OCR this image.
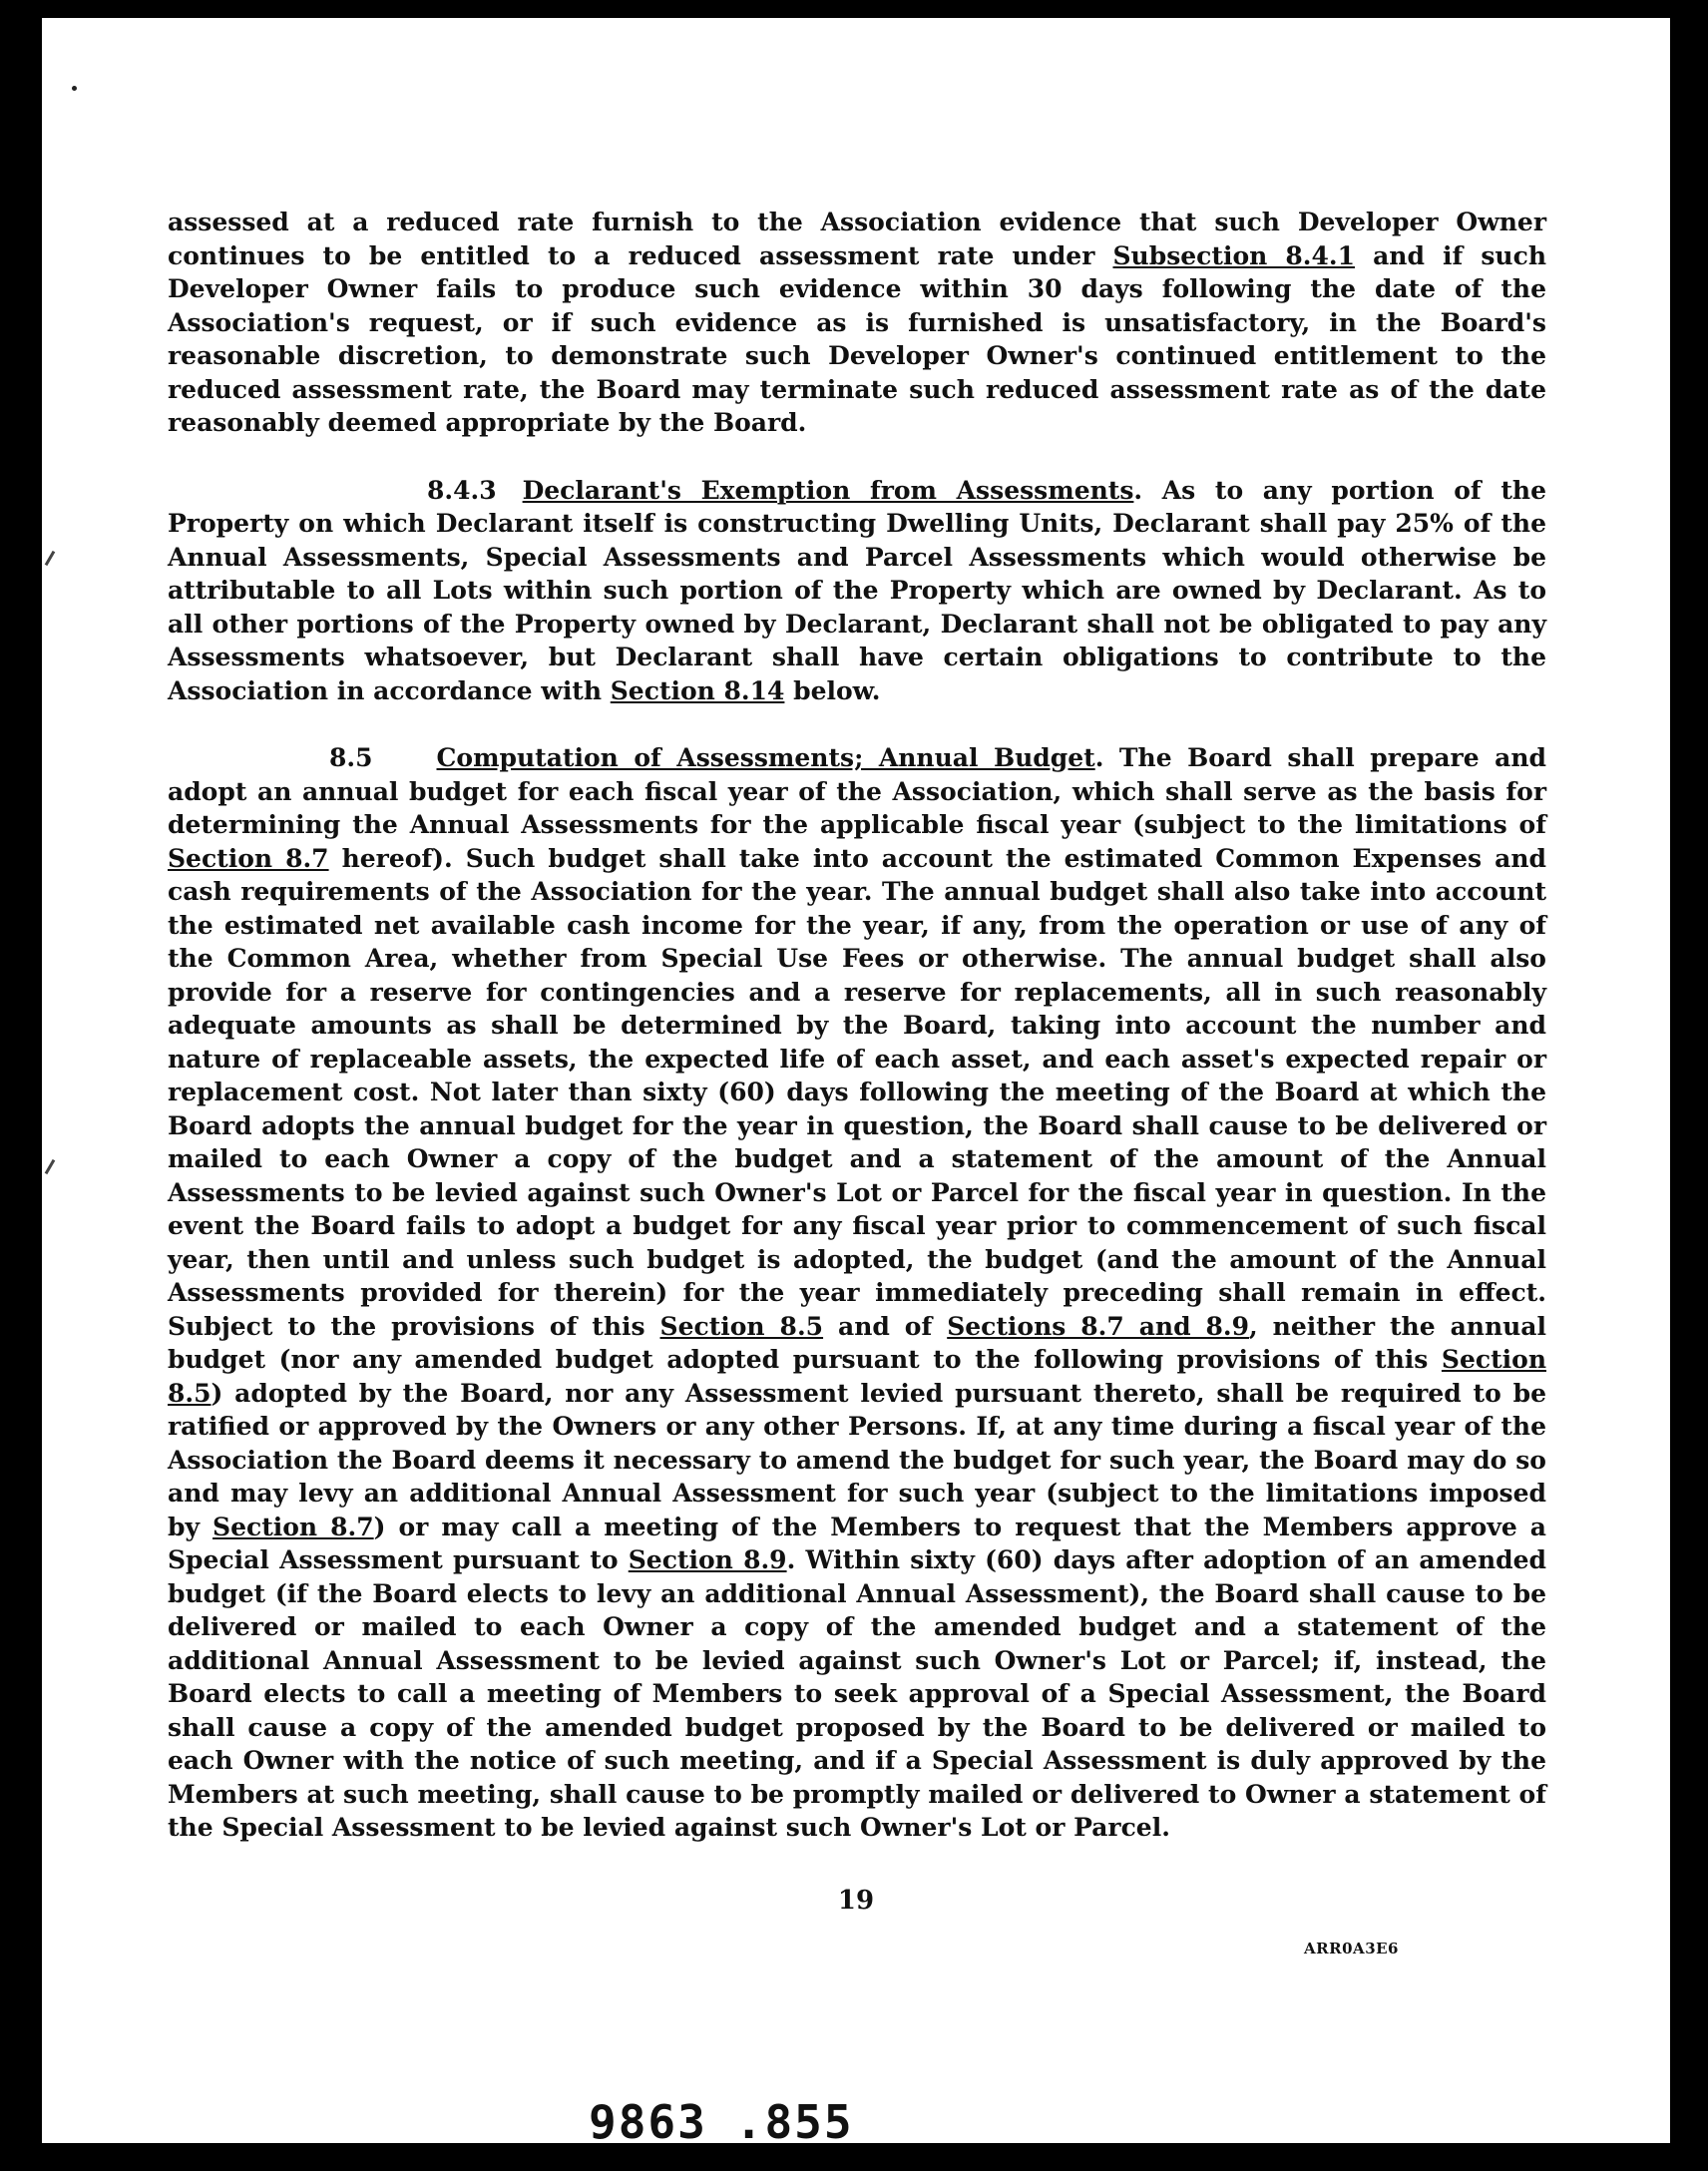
assessed at a reduced rate furnish to the Association evidence that such Developer Owner continues to be entitled to a reduced assessment rate under Subsection 8.4.1 and if such Developer Owner fails to produce such evidence within 30 days following the date of the Association's request, or if such evidence as is furnished is unsatisfactory, in the Board's reasonable discretion, to demonstrate such Developer Owner's continued entitlement to the reduced assessment rate, the Board may terminate such reduced assessment rate as of the date reasonably deemed appropriate by the Board.

8.4.3 Declarant's Exemption from Assessments. As to any portion of the Property on which Declarant itself is constructing Dwelling Units, Declarant shall pay 25% of the Annual Assessments, Special Assessments and Parcel Assessments which would otherwise be attributable to all Lots within such portion of the Property which are owned by Declarant. As to all other portions of the Property owned by Declarant, Declarant shall not be obligated to pay any Assessments whatsoever, but Declarant shall have certain obligations to contribute to the Association in accordance with Section 8.14 below.

8.5	Computation of Assessments; Annual Budget. The Board shall prepare and adopt an annual budget for each fiscal year of the Association, which shall serve as the basis for determining the Annual Assessments for the applicable fiscal year (subject to the limitations of Section 8.7 hereof). Such budget shall take into account the estimated Common Expenses and cash requirements of the Association for the year. The annual budget shall also take into account the estimated net available cash income for the year, if any, from the operation or use of any of the Common Area, whether from Special Use Fees or otherwise. The annual budget shall also provide for a reserve for contingencies and a reserve for replacements, all in such reasonably adequate amounts as shall be determined by the Board, taking into account the number and nature of replaceable assets, the expected life of each asset, and each asset's expected repair or replacement cost. Not later than sixty (60) days following the meeting of the Board at which the Board adopts the annual budget for the year in question, the Board shall cause to be delivered or mailed to each Owner a copy of the budget and a statement of the amount of the Annual Assessments to be levied against such Owner's Lot or Parcel for the fiscal year in question. In the event the Board fails to adopt a budget for any fiscal year prior to commencement of such fiscal year, then until and unless such budget is adopted, the budget (and the amount of the Annual Assessments provided for therein) for the year immediately preceding shall remain in effect. Subject to the provisions of this Section 8.5 and of Sections 8.7 and 8.9, neither the annual budget (nor any amended budget adopted pursuant to the following provisions of this Section 8.5) adopted by the Board, nor any Assessment levied pursuant thereto, shall be required to be ratified or approved by the Owners or any other Persons. If, at any time during a fiscal year of the Association the Board deems it necessary to amend the budget for such year, the Board may do so and may levy an additional Annual Assessment for such year (subject to the limitations imposed by Section 8.7) or may call a meeting of the Members to request that the Members approve a Special Assessment pursuant to Section 8.9. Within sixty (60) days after adoption of an amended budget (if the Board elects to levy an additional Annual Assessment), the Board shall cause to be delivered or mailed to each Owner a copy of the amended budget and a statement of the additional Annual Assessment to be levied against such Owner's Lot or Parcel; if, instead, the Board elects to call a meeting of Members to seek approval of a Special Assessment, the Board shall cause a copy of the amended budget proposed by the Board to be delivered or mailed to each Owner with the notice of such meeting, and if a Special Assessment is duly approved by the Members at such meeting, shall cause to be promptly mailed or delivered to Owner a statement of the Special Assessment to be levied against such Owner's Lot or Parcel.

19
ARR0A3E6
9863 .855
